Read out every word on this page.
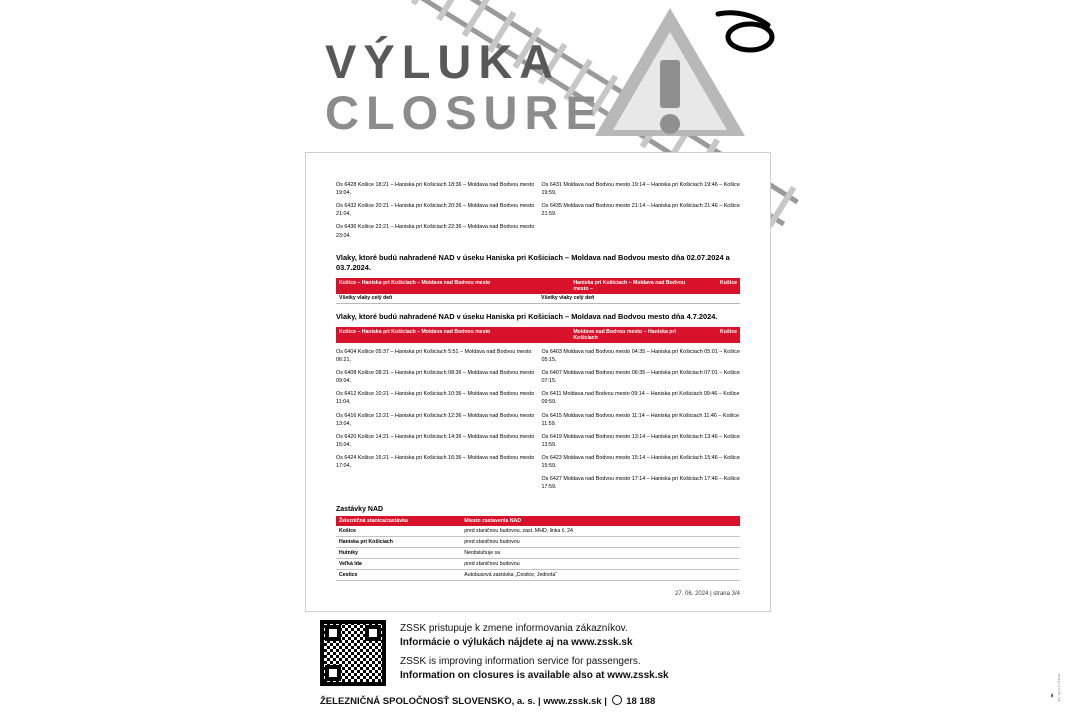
VÝLUKA
CLOSURE
Os 6428 Košice 18:21 – Haniska pri Košiciach 18:36 – Moldava nad Bodvou mesto 19:04,
Os 6432 Košice 20:21 – Haniska pri Košiciach 20:36 – Moldava nad Bodvou mesto 21:04,
Os 6436 Košice 22:21 – Haniska pri Košiciach 22:36 – Moldava nad Bodvou mesto 23:04.
Os 6431 Moldava nad Bodvou mesto 19:14 – Haniska pri Košiciach 19:46 – Košice 19:59,
Os 6435 Moldava nad Bodvou mesto 21:14 – Haniska pri Košiciach 21:46 – Košice 21:59.
Vlaky, ktoré budú nahradené NAD v úseku Haniska pri Košiciach – Moldava nad Bodvou mesto dňa 02.07.2024 a 03.7.2024.
Košice – Haniska pri Košiciach – Moldava nad Bodvou mesto	Haniska pri Košiciach – Moldava nad Bodvou mesto –
Košice
Všetky vlaky celý deň	Všetky vlaky celý deň
Vlaky, ktoré budú nahradené NAD v úseku Haniska pri Košiciach – Moldava nad Bodvou mesto dňa 4.7.2024.
Košice – Haniska pri Košiciach – Moldava nad Bodvou mesto	Moldava nad Bodvou mesto – Haniska pri Košiciach
Košice
Os 6404 Košice 05:37 – Haniska pri Košiciach 5:51 – Moldava nad Bodvou mesto 06:21,
Os 6408 Košice 08:21 – Haniska pri Košiciach 08:36 – Moldava nad Bodvou mesto 09:04,
Os 6412 Košice 10:21 – Haniska pri Košiciach 10:36 – Moldava nad Bodvou mesto 11:04,
Os 6416 Košice 12:21 – Haniska pri Košiciach 12:36 – Moldava nad Bodvou mesto 13:04,
Os 6420 Košice 14:21 – Haniska pri Košiciach 14:36 – Moldava nad Bodvou mesto 15:04,
Os 6424 Košice 16:21 – Haniska pri Košiciach 16:36 – Moldava nad Bodvou mesto 17:04,
Os 6403 Moldava nad Bodvou mesto 04:35 – Haniska pri Košiciach 05:01 – Košice 05:15,
Os 6407 Moldava nad Bodvou mesto 06:35 – Haniska pri Košiciach 07:01 – Košice 07:15.
Os 6411 Moldava nad Bodvou mesto 09:14 – Haniska pri Košiciach 09:46 – Košice 09:59.
Os 6415 Moldava nad Bodvou mesto 11:14 – Haniska pri Košiciach 11:46 – Košice 11:59.
Os 6419 Moldava nad Bodvou mesto 13:14 – Haniska pri Košiciach 13:46 – Košice 13:59.
Os 6423 Moldava nad Bodvou mesto 15:14 – Haniska pri Košiciach 15:46 – Košice 15:59.
Os 6427 Moldava nad Bodvou mesto 17:14 – Haniska pri Košiciach 17:46 – Košice 17:59.
Zastávky NAD
Železničná stanica/zastávka	Miesto zastavenia NAD
Košice	pred staničnou budovou, zast. MHD, linka č. 24
Haniska pri Košiciach	pred staničnou budovou
Hutníky	Neobsluhuje sa
Veľká Ida	pred staničnou budovou
Cestice	Autobusová zastávka „Cestice, Jednota“
27. 06. 2024 | strana 3/4
ZSSK pristupuje k zmene informovania zákazníkov.
Informácie o výlukách nájdete aj na www.zssk.sk
ZSSK is improving information service for passengers.
Information on closures is available also at www.zssk.sk
ŽELEZNIČNÁ SPOLOČNOSŤ SLOVENSKO, a. s. | www.zssk.sk |  18 188	www.zssk.sk
◑
